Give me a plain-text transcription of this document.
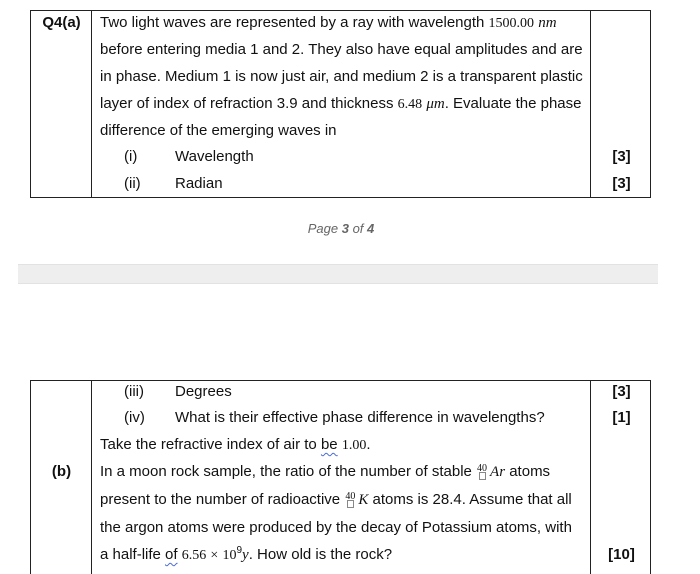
Q4(a)	Two light waves are represented by a ray with wavelength 1500.00 nm
before entering media 1 and 2. They also have equal amplitudes and are
in phase. Medium 1 is now just air, and medium 2 is a transparent plastic
layer of index of refraction 3.9 and thickness 6.48 μm. Evaluate the phase
difference of the emerging waves in
(i)	Wavelength
(ii) Radian
[3]
[3]
Page 3 of 4
(b)
(iii) Degrees
(iv) What is their effective phase difference in wavelengths?
Take the refractive index of air to be 1.00.
In a moon rock sample, the ratio of the number of stable 40 Ar atoms
present to the number of radioactive 40 K atoms is 28.4. Assume that all
the argon atoms were produced by the decay of Potassium atoms, with
a half-life of $6.56 \times 10^9y$. How old is the rock?
[3]
[1]
[10]
